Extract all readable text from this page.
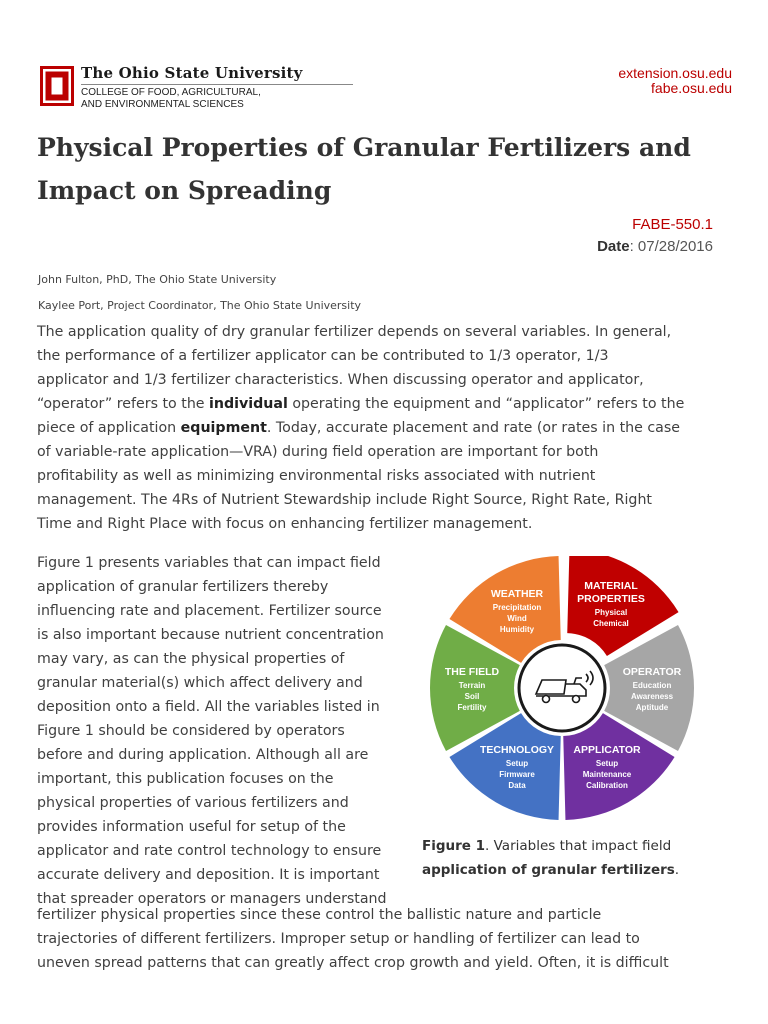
The Ohio State University
COLLEGE OF FOOD, AGRICULTURAL,
AND ENVIRONMENTAL SCIENCES
extension.osu.edu
fabe.osu.edu
Physical Properties of Granular Fertilizers and
Impact on Spreading
FABE-550.1
Date: 07/28/2016
John Fulton, PhD, The Ohio State University
Kaylee Port, Project Coordinator, The Ohio State University

The application quality of dry granular fertilizer depends on several variables. In general,
the performance of a fertilizer applicator can be contributed to 1/3 operator, 1/3
applicator and 1/3 fertilizer characteristics. When discussing operator and applicator,
“operator” refers to the individual operating the equipment and “applicator” refers to the
piece of application equipment. Today, accurate placement and rate (or rates in the case
of variable-rate application—VRA) during field operation are important for both
profitability as well as minimizing environmental risks associated with nutrient
management. The 4Rs of Nutrient Stewardship include Right Source, Right Rate, Right
Time and Right Place with focus on enhancing fertilizer management.

Figure 1 presents variables that can impact field
application of granular fertilizers thereby
influencing rate and placement. Fertilizer source
is also important because nutrient concentration
may vary, as can the physical properties of
granular material(s) which affect delivery and
deposition onto a field. All the variables listed in
Figure 1 should be considered by operators
before and during application. Although all are
important, this publication focuses on the
physical properties of various fertilizers and
provides information useful for setup of the
applicator and rate control technology to ensure
accurate delivery and deposition. It is important
that spreader operators or managers understand

fertilizer physical properties since these control the ballistic nature and particle
trajectories of different fertilizers. Improper setup or handling of fertilizer can lead to
uneven spread patterns that can greatly affect crop growth and yield. Often, it is difficult

MATERIAL
PROPERTIES
Physical
Chemical
OPERATOR
Education
Awareness
Aptitude
APPLICATOR
Setup
Maintenance
Calibration
TECHNOLOGY
Setup
Firmware
Data
THE FIELD
Terrain
Soil
Fertility
WEATHER
Precipitation
Wind
Humidity

Figure 1. Variables that impact field
application of granular fertilizers.
